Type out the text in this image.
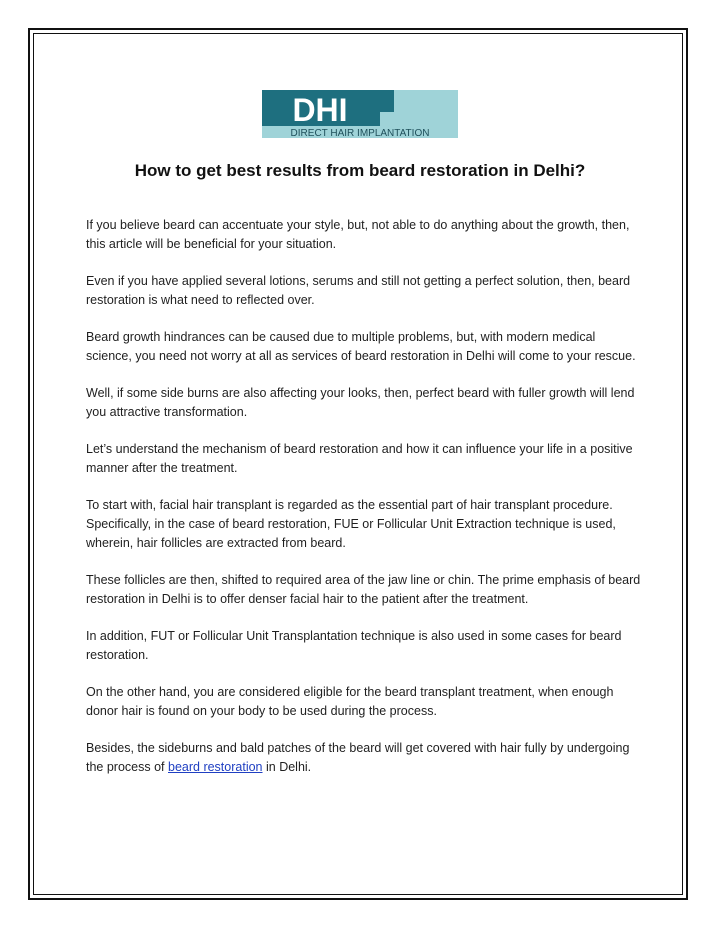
DHI
DIRECT HAIR IMPLANTATION
How to get best results from beard restoration in Delhi?

If you believe beard can accentuate your style, but, not able to do anything about the growth, then, this article will be beneficial for your situation.

Even if you have applied several lotions, serums and still not getting a perfect solution, then, beard restoration is what need to reflected over.

Beard growth hindrances can be caused due to multiple problems, but, with modern medical science, you need not worry at all as services of beard restoration in Delhi will come to your rescue.

Well, if some side burns are also affecting your looks, then, perfect beard with fuller growth will lend you attractive transformation.

Let’s understand the mechanism of beard restoration and how it can influence your life in a positive manner after the treatment.

To start with, facial hair transplant is regarded as the essential part of hair transplant procedure. Specifically, in the case of beard restoration, FUE or Follicular Unit Extraction technique is used, wherein, hair follicles are extracted from beard.

These follicles are then, shifted to required area of the jaw line or chin. The prime emphasis of beard restoration in Delhi is to offer denser facial hair to the patient after the treatment.

In addition, FUT or Follicular Unit Transplantation technique is also used in some cases for beard restoration.

On the other hand, you are considered eligible for the beard transplant treatment, when enough donor hair is found on your body to be used during the process.

Besides, the sideburns and bald patches of the beard will get covered with hair fully by undergoing the process of beard restoration in Delhi.
